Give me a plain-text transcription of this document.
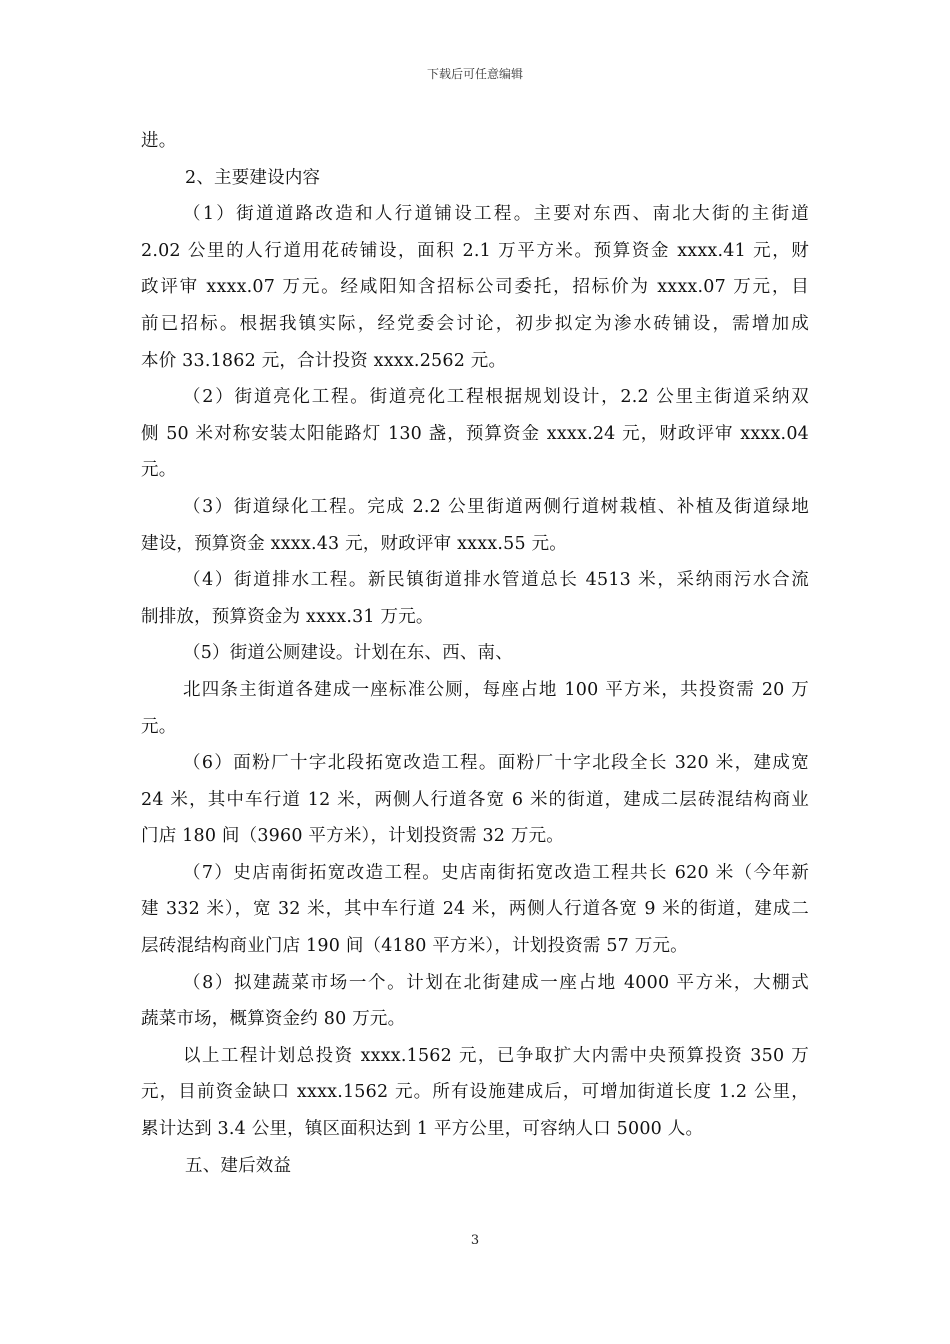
下载后可任意编辑
进。
2、主要建设内容
（1）街道道路改造和人行道铺设工程。主要对东西、南北大街的主街道
2.02 公里的人行道用花砖铺设，面积 2.1 万平方米。预算资金 xxxx.41 元，财
政评审 xxxx.07 万元。经咸阳知含招标公司委托，招标价为 xxxx.07 万元，目
前已招标。根据我镇实际，经党委会讨论，初步拟定为渗水砖铺设，需增加成
本价 33.1862 元，合计投资 xxxx.2562 元。
（2）街道亮化工程。街道亮化工程根据规划设计，2.2 公里主街道采纳双
侧 50 米对称安装太阳能路灯 130 盏，预算资金 xxxx.24 元，财政评审 xxxx.04
元。
（3）街道绿化工程。完成 2.2 公里街道两侧行道树栽植、补植及街道绿地
建设，预算资金 xxxx.43 元，财政评审 xxxx.55 元。
（4）街道排水工程。新民镇街道排水管道总长 4513 米，采纳雨污水合流
制排放，预算资金为 xxxx.31 万元。
（5）街道公厕建设。计划在东、西、南、
北四条主街道各建成一座标准公厕，每座占地 100 平方米，共投资需 20 万
元。
（6）面粉厂十字北段拓宽改造工程。面粉厂十字北段全长 320 米，建成宽
24 米，其中车行道 12 米，两侧人行道各宽 6 米的街道，建成二层砖混结构商业
门店 180 间（3960 平方米），计划投资需 32 万元。
（7）史店南街拓宽改造工程。史店南街拓宽改造工程共长 620 米（今年新
建 332 米），宽 32 米，其中车行道 24 米，两侧人行道各宽 9 米的街道，建成二
层砖混结构商业门店 190 间（4180 平方米），计划投资需 57 万元。
（8）拟建蔬菜市场一个。计划在北街建成一座占地 4000 平方米，大棚式
蔬菜市场，概算资金约 80 万元。
以上工程计划总投资 xxxx.1562 元，已争取扩大内需中央预算投资 350 万
元，目前资金缺口 xxxx.1562 元。所有设施建成后，可增加街道长度 1.2 公里，
累计达到 3.4 公里，镇区面积达到 1 平方公里，可容纳人口 5000 人。
五、建后效益
3
